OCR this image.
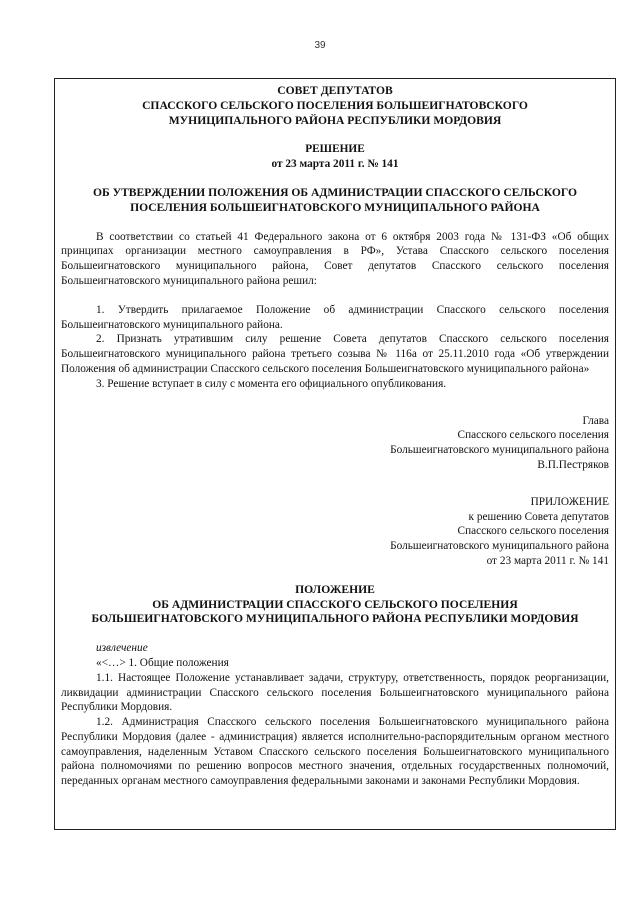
39

СОВЕТ ДЕПУТАТОВ

СПАССКОГО СЕЛЬСКОГО ПОСЕЛЕНИЯ БОЛЬШЕИГНАТОВСКОГО

МУНИЦИПАЛЬНОГО РАЙОНА РЕСПУБЛИКИ МОРДОВИЯ

РЕШЕНИЕ

от 23 марта 2011 г. № 141

ОБ УТВЕРЖДЕНИИ ПОЛОЖЕНИЯ ОБ АДМИНИСТРАЦИИ СПАССКОГО СЕЛЬСКОГО

ПОСЕЛЕНИЯ БОЛЬШЕИГНАТОВСКОГО МУНИЦИПАЛЬНОГО РАЙОНА

В соответствии со статьей 41 Федерального закона от 6 октября 2003 года № 131-ФЗ «Об общих принципах организации местного самоуправления в РФ», Устава Спасского сельского поселения Большеигнатовского муниципального района, Совет депутатов Спасского сельского поселения Большеигнатовского муниципального района решил:

1. Утвердить прилагаемое Положение об администрации Спасского сельского поселения Большеигнатовского муниципального района.

2. Признать утратившим силу решение Совета депутатов Спасского сельского поселения Большеигнатовского муниципального района третьего созыва № 116а от 25.11.2010 года «Об утверждении Положения об администрации Спасского сельского поселения Большеигнатовского муниципального района»

3. Решение вступает в силу с момента его официального опубликования.

Глава

Спасского сельского поселения

Большеигнатовского муниципального района

В.П.Пестряков

ПРИЛОЖЕНИЕ

к решению Совета депутатов

Спасского сельского поселения

Большеигнатовского муниципального района

от 23 марта 2011 г. № 141

ПОЛОЖЕНИЕ

ОБ АДМИНИСТРАЦИИ СПАССКОГО СЕЛЬСКОГО ПОСЕЛЕНИЯ

БОЛЬШЕИГНАТОВСКОГО МУНИЦИПАЛЬНОГО РАЙОНА РЕСПУБЛИКИ МОРДОВИЯ

извлечение

«<…> 1. Общие положения

1.1. Настоящее Положение устанавливает задачи, структуру, ответственность, порядок реорганизации, ликвидации администрации Спасского сельского поселения Большеигнатовского муниципального района Республики Мордовия.

1.2. Администрация Спасского сельского поселения Большеигнатовского муниципального района Республики Мордовия (далее - администрация) является исполнительно-распорядительным органом местного самоуправления, наделенным Уставом Спасского сельского поселения Большеигнатовского муниципального района полномочиями по решению вопросов местного значения, отдельных государственных полномочий, переданных органам местного самоуправления федеральными законами и законами Республики Мордовия.
